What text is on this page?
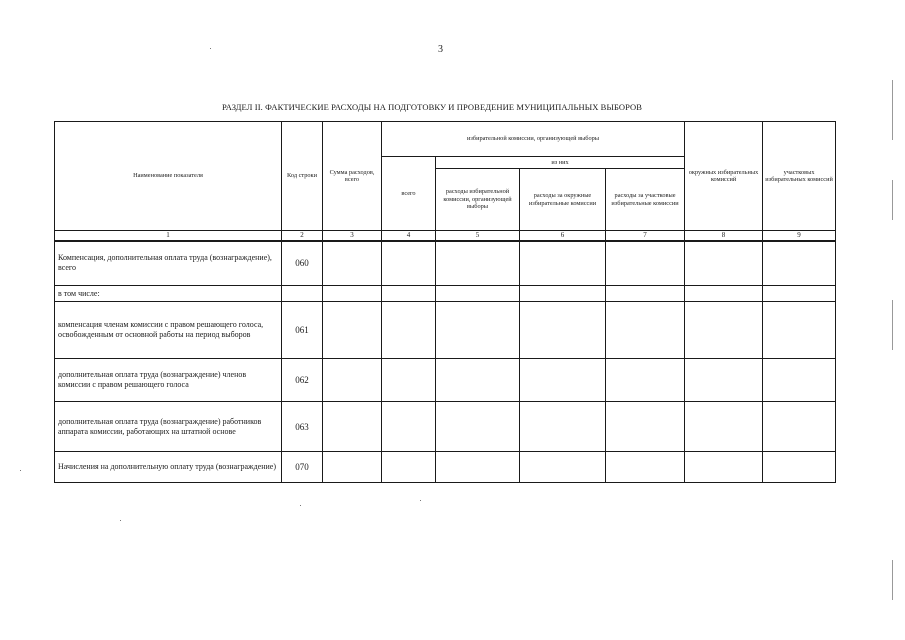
3
РАЗДЕЛ II. ФАКТИЧЕСКИЕ РАСХОДЫ НА ПОДГОТОВКУ И ПРОВЕДЕНИЕ МУНИЦИПАЛЬНЫХ ВЫБОРОВ
Наименование показателя	Код строки	Сумма расходов, всего	избирательной комиссии, организующей выборы				окружных избирательных комиссий	участковых избирательных комиссий
			всего	из них				
				расходы избирательной комиссии, организующей выборы	расходы за окружные избирательные комиссии	расходы за участковые избирательные комиссии		
1	2	3	4	5	6	7	8	9
Компенсация, дополнительная оплата труда (вознаграждение), всего	060							
в том числе:								
компенсация членам комиссии с правом решающего голоса, освобожденным от основной работы на период выборов	061							
дополнительная оплата труда (вознаграждение) членов комиссии с правом решающего голоса	062							
дополнительная оплата труда (вознаграждение) работников аппарата комиссии, работающих на штатной основе	063							
Начисления на дополнительную оплату труда (вознаграждение)	070							
